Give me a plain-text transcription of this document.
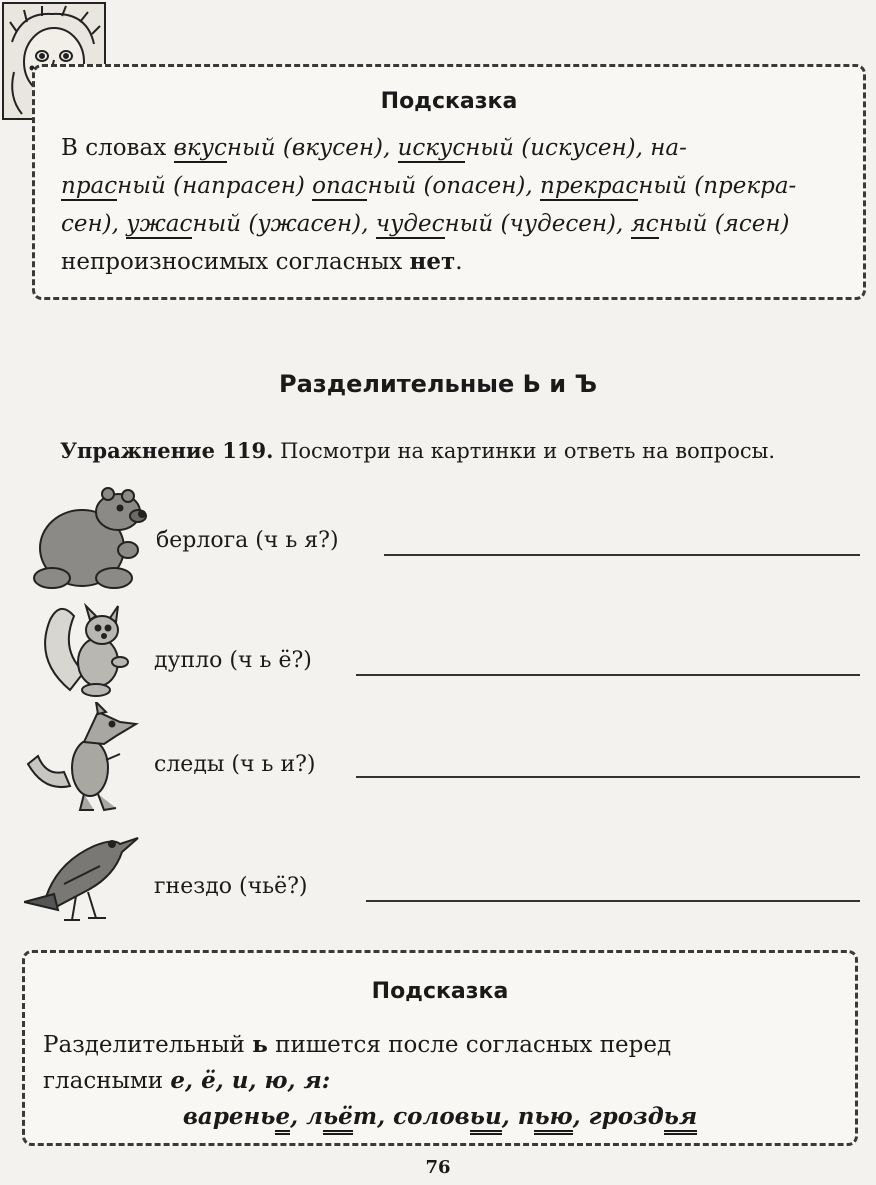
Подсказка
В словах вкусный (вкусен), искусный (искусен), на-
прасный (напрасен) опасный (опасен), прекрасный (прекра-
сен), ужасный (ужасен), чудесный (чудесен), ясный (ясен)
непроизносимых согласных нет.
Разделительные Ь и Ъ
Упражнение 119. Посмотри на картинки и ответь на вопросы.
берлога (ч ь я?)
дупло (ч ь ё?)
следы (ч ь и?)
гнездо (чьё?)
Подсказка
Разделительный ь пишется после согласных перед
гласными е, ё, и, ю, я:

варенье, льёт, соловьи, пью, гроздья
76
